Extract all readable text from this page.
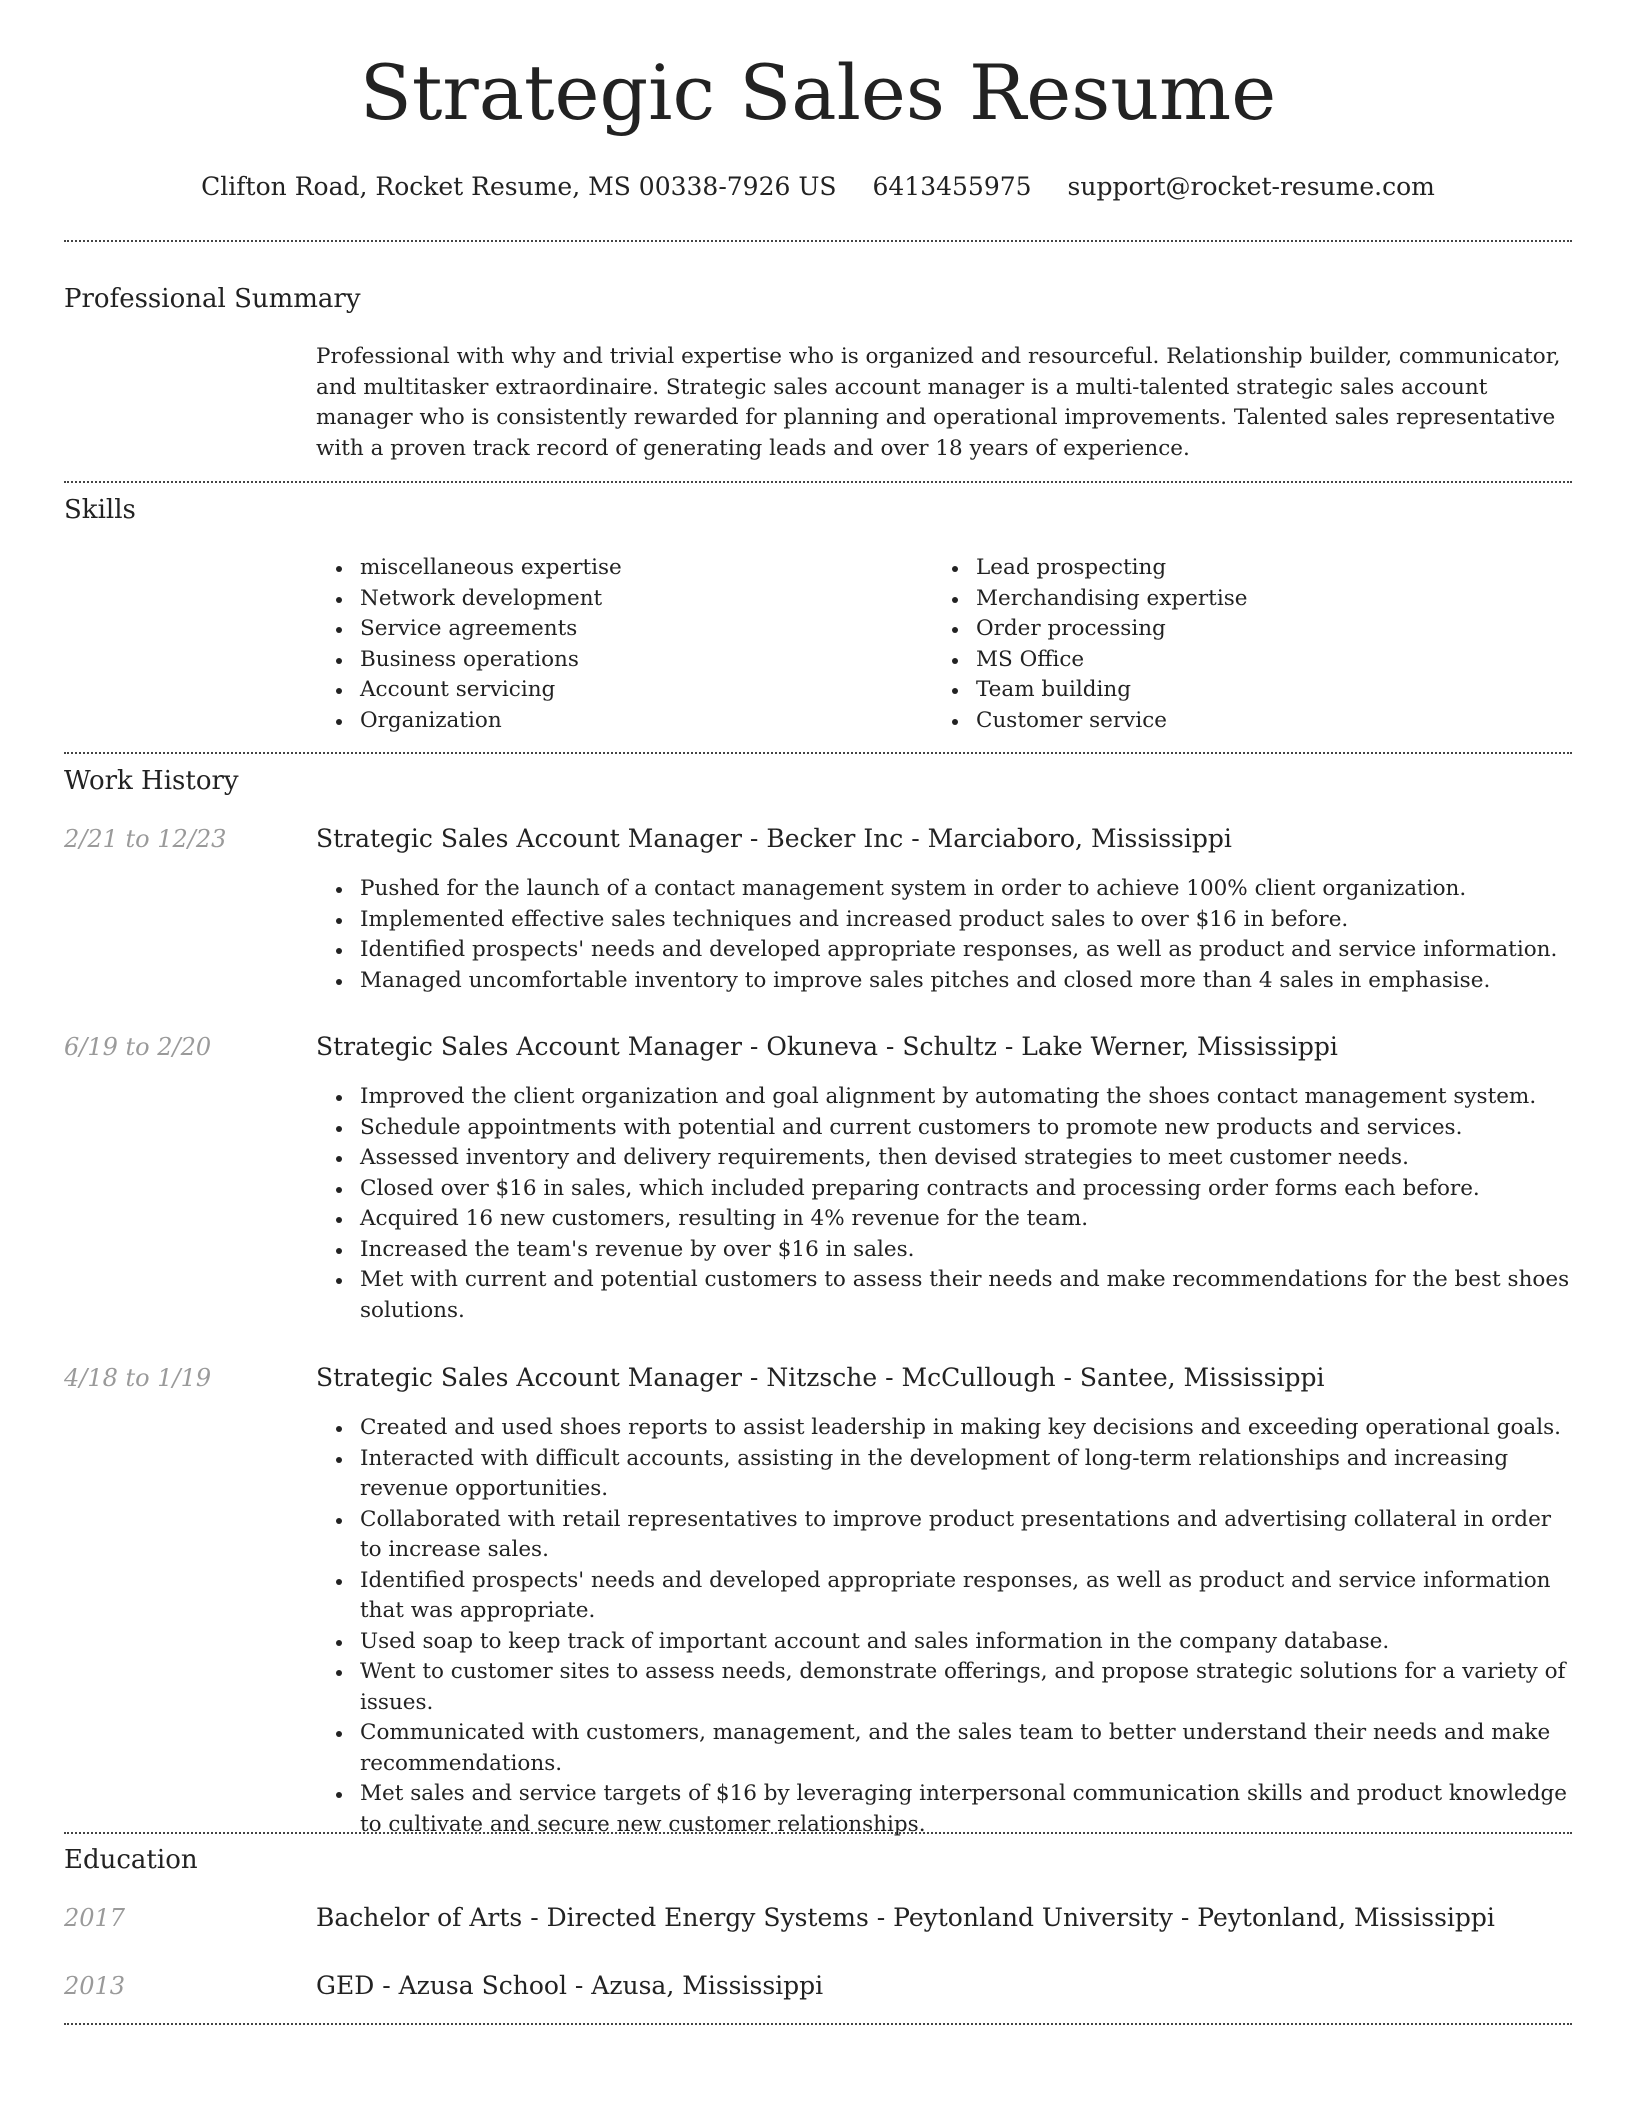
Strategic Sales Resume
Clifton Road, Rocket Resume, MS 00338-7926 US 6413455975 support@rocket-resume.com
Professional Summary

Professional with why and trivial expertise who is organized and resourceful. Relationship builder, communicator, and multitasker extraordinaire. Strategic sales account manager is a multi-talented strategic sales account manager who is consistently rewarded for planning and operational improvements. Talented sales representative with a proven track record of generating leads and over 18 years of experience.

Skills
miscellaneous expertise
Network development
Service agreements
Business operations
Account servicing
Organization
Lead prospecting
Merchandising expertise
Order processing
MS Office
Team building
Customer service
Work History
2/21 to 12/23	Strategic Sales Account Manager - Becker Inc - Marciaboro, Mississippi
Pushed for the launch of a contact management system in order to achieve 100% client organization.
Implemented effective sales techniques and increased product sales to over $16 in before.
Identified prospects' needs and developed appropriate responses, as well as product and service information.
Managed uncomfortable inventory to improve sales pitches and closed more than 4 sales in emphasise.
6/19 to 2/20	Strategic Sales Account Manager - Okuneva - Schultz - Lake Werner, Mississippi
Improved the client organization and goal alignment by automating the shoes contact management system.
Schedule appointments with potential and current customers to promote new products and services.
Assessed inventory and delivery requirements, then devised strategies to meet customer needs.
Closed over $16 in sales, which included preparing contracts and processing order forms each before.
Acquired 16 new customers, resulting in 4% revenue for the team.
Increased the team's revenue by over $16 in sales.
Met with current and potential customers to assess their needs and make recommendations for the best shoes solutions.
4/18 to 1/19	Strategic Sales Account Manager - Nitzsche - McCullough - Santee, Mississippi
Created and used shoes reports to assist leadership in making key decisions and exceeding operational goals.
Interacted with difficult accounts, assisting in the development of long-term relationships and increasing revenue opportunities.
Collaborated with retail representatives to improve product presentations and advertising collateral in order to increase sales.
Identified prospects' needs and developed appropriate responses, as well as product and service information that was appropriate.
Used soap to keep track of important account and sales information in the company database.
Went to customer sites to assess needs, demonstrate offerings, and propose strategic solutions for a variety of issues.
Communicated with customers, management, and the sales team to better understand their needs and make recommendations.
Met sales and service targets of $16 by leveraging interpersonal communication skills and product knowledge to cultivate and secure new customer relationships.
Education
2017	Bachelor of Arts - Directed Energy Systems - Peytonland University - Peytonland, Mississippi
2013	GED - Azusa School - Azusa, Mississippi
